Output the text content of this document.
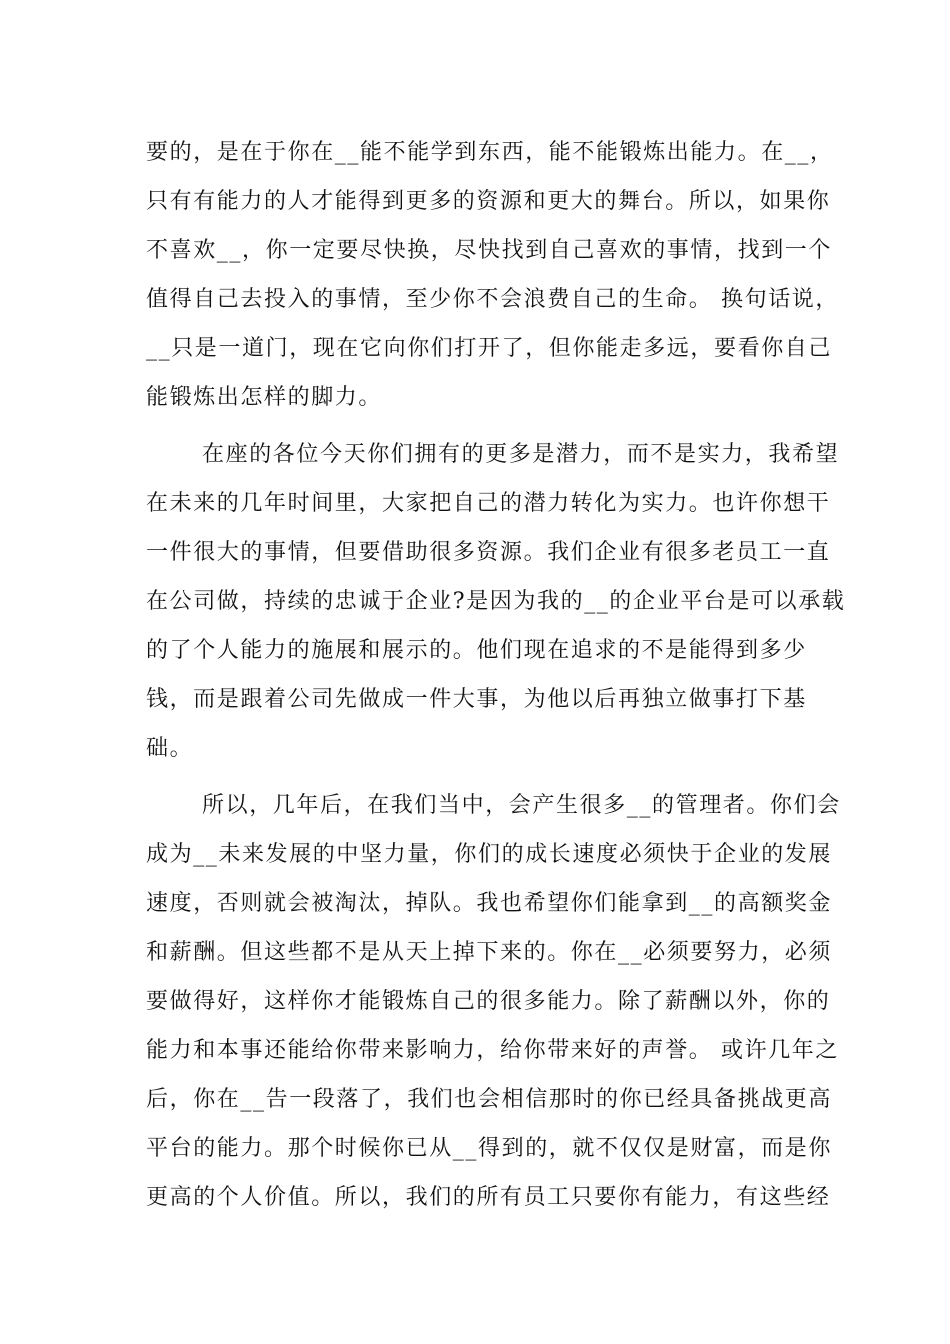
要的，是在于你在__能不能学到东西，能不能锻炼出能力。在__，
只有有能力的人才能得到更多的资源和更大的舞台。所以，如果你
不喜欢__，你一定要尽快换，尽快找到自己喜欢的事情，找到一个
值得自己去投入的事情，至少你不会浪费自己的生命。 换句话说，
__只是一道门，现在它向你们打开了，但你能走多远，要看你自己
能锻炼出怎样的脚力。
在座的各位今天你们拥有的更多是潜力，而不是实力，我希望
在未来的几年时间里，大家把自己的潜力转化为实力。也许你想干
一件很大的事情，但要借助很多资源。我们企业有很多老员工一直
在公司做，持续的忠诚于企业?是因为我的__的企业平台是可以承载
的了个人能力的施展和展示的。他们现在追求的不是能得到多少
钱，而是跟着公司先做成一件大事，为他以后再独立做事打下基
础。
所以，几年后，在我们当中，会产生很多__的管理者。你们会
成为__未来发展的中坚力量，你们的成长速度必须快于企业的发展
速度，否则就会被淘汰，掉队。我也希望你们能拿到__的高额奖金
和薪酬。但这些都不是从天上掉下来的。你在__必须要努力，必须
要做得好，这样你才能锻炼自己的很多能力。除了薪酬以外，你的
能力和本事还能给你带来影响力，给你带来好的声誉。 或许几年之
后，你在__告一段落了，我们也会相信那时的你已经具备挑战更高
平台的能力。那个时候你已从__得到的，就不仅仅是财富，而是你
更高的个人价值。所以，我们的所有员工只要你有能力，有这些经
